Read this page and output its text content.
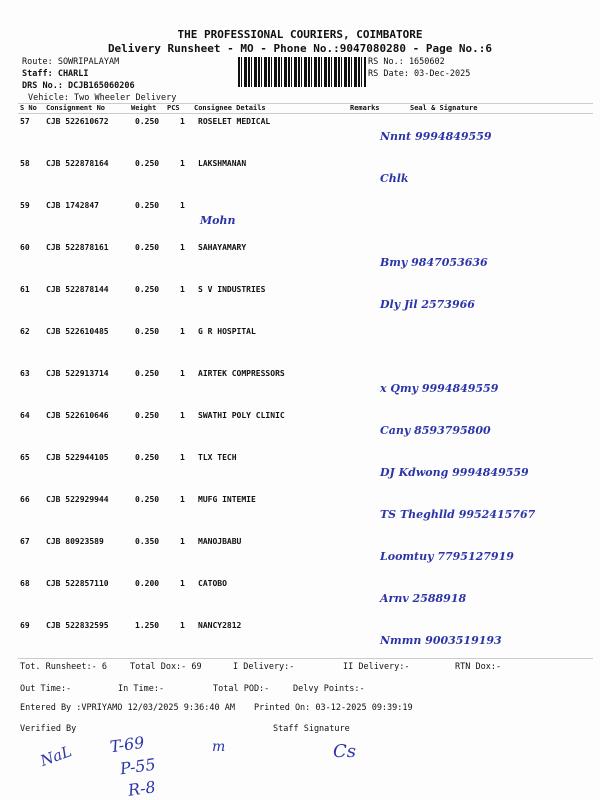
THE PROFESSIONAL COURIERS, COIMBATORE
Delivery Runsheet - MO - Phone No.:9047080280 - Page No.:6
Route: SOWRIPALAYAM
Staff: CHARLI
DRS No.: DCJB165060206
Vehicle: Two Wheeler Delivery
RS No.: 1650602
RS Date: 03-Dec-2025
S No Consignment No	Weight PCS Consignee Details	Remarks	Seal & Signature
57 CJB 522610672	0.250	1 ROSELET MEDICAL
Nnnt 9994849559
58 CJB 522878164	0.250	1 LAKSHMANAN
Chlk
59 CJB 1742847	0.250	1
Mohn
60 CJB 522878161	0.250	1 SAHAYAMARY
Bmy 9847053636
61 CJB 522878144	0.250	1 S V INDUSTRIES
Dly Jil 2573966
62 CJB 522610485	0.250	1 G R HOSPITAL
63 CJB 522913714	0.250	1 AIRTEK COMPRESSORS
x Qmy 9994849559
64 CJB 522610646	0.250	1 SWATHI POLY CLINIC
Cany 8593795800
65 CJB 522944105	0.250	1 TLX TECH
DJ Kdwong 9994849559
66 CJB 522929944	0.250	1 MUFG INTEMIE
TS Theghlld 9952415767
67 CJB 80923589	0.350	1 MANOJBABU
Loomtuy 7795127919
68 CJB 522857110	0.200	1 CATOBO
Arnv 2588918
69 CJB 522832595	1.250	1 NANCY2812
Nmmn 9003519193
Tot. Runsheet:- 6	Total Dox:- 69	I Delivery:-	II Delivery:-	RTN Dox:-
Out Time:-	In Time:-	Total POD:-	Delvy Points:-
Entered By :VPRIYAMO 12/03/2025 9:36:40 AM Printed On: 03-12-2025 09:39:19
Verified By	Staff Signature
NaL T-69
P-55
R-8
m	Cs
